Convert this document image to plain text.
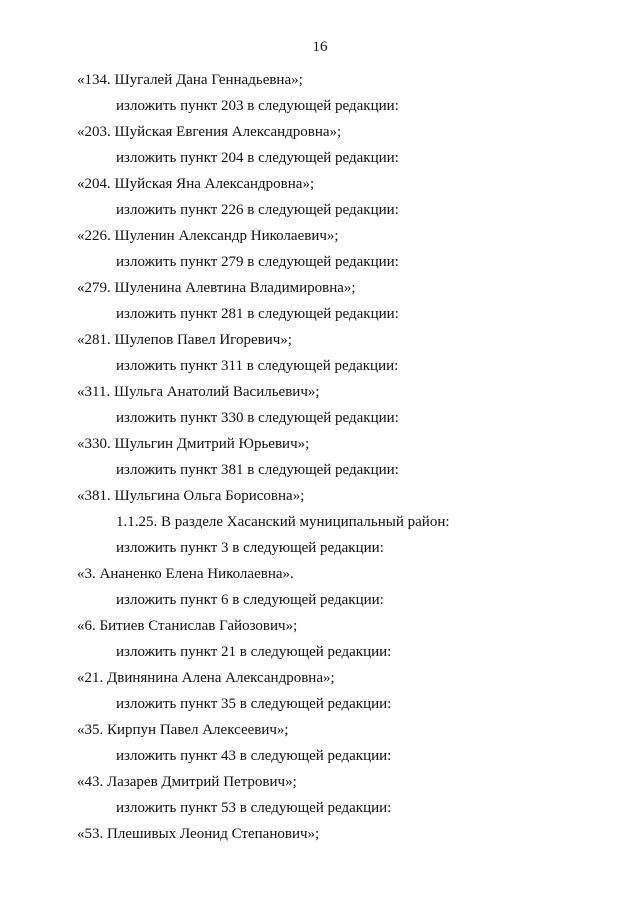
16
«134. Шугалей Дана Геннадьевна»;
изложить пункт 203 в следующей редакции:
«203. Шуйская Евгения Александровна»;
изложить пункт 204 в следующей редакции:
«204. Шуйская Яна Александровна»;
изложить пункт 226 в следующей редакции:
«226. Шуленин Александр Николаевич»;
изложить пункт 279 в следующей редакции:
«279. Шуленина Алевтина Владимировна»;
изложить пункт 281 в следующей редакции:
«281. Шулепов Павел Игоревич»;
изложить пункт 311 в следующей редакции:
«311. Шульга Анатолий Васильевич»;
изложить пункт 330 в следующей редакции:
«330. Шульгин Дмитрий Юрьевич»;
изложить пункт 381 в следующей редакции:
«381. Шульгина Ольга Борисовна»;
1.1.25. В разделе Хасанский муниципальный район:
изложить пункт 3 в следующей редакции:
«3. Ананенко Елена Николаевна».
изложить пункт 6 в следующей редакции:
«6. Битиев Станислав Гайозович»;
изложить пункт 21 в следующей редакции:
«21. Двинянина Алена Александровна»;
изложить пункт 35 в следующей редакции:
«35. Кирпун Павел Алексеевич»;
изложить пункт 43 в следующей редакции:
«43. Лазарев Дмитрий Петрович»;
изложить пункт 53 в следующей редакции:
«53. Плешивых Леонид Степанович»;
